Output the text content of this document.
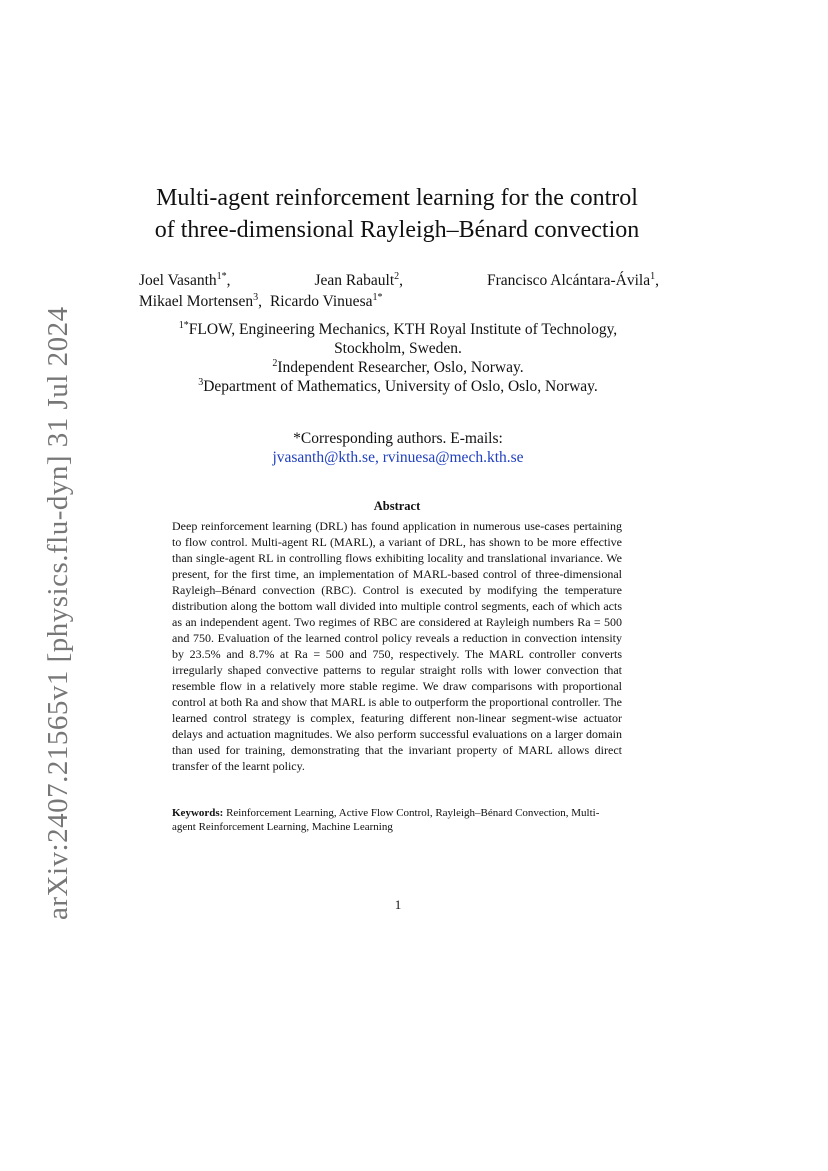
arXiv:2407.21565v1 [physics.flu-dyn] 31 Jul 2024
Multi-agent reinforcement learning for the control
of three-dimensional Rayleigh–Bénard convection
Joel Vasanth$^{1*}$,	Jean Rabault$^2$,	Francisco Alcántara-Ávila$^1$,
Mikael Mortensen$^3$, Ricardo Vinuesa$^{1*}$
$^{1*}$FLOW, Engineering Mechanics, KTH Royal Institute of Technology,
Stockholm, Sweden.
$^2$Independent Researcher, Oslo, Norway.
$^3$Department of Mathematics, University of Oslo, Oslo, Norway.
*Corresponding authors. E-mails:
jvasanth@kth.se, rvinuesa@mech.kth.se
Abstract
Deep reinforcement learning (DRL) has found application in numerous use-cases pertaining to flow control. Multi-agent RL (MARL), a variant of DRL, has shown to be more effective than single-agent RL in controlling flows exhibiting locality and translational invariance. We present, for the first time, an implementation of MARL-based control of three-dimensional Rayleigh–Bénard convection (RBC). Control is executed by modifying the temperature distribution along the bottom wall divided into multiple control segments, each of which acts as an independent agent. Two regimes of RBC are considered at Rayleigh numbers Ra = 500 and 750. Evaluation of the learned control policy reveals a reduction in convection intensity by 23.5% and 8.7% at Ra = 500 and 750, respectively. The MARL controller converts irregularly shaped convective patterns to regular straight rolls with lower convection that resemble flow in a relatively more stable regime. We draw comparisons with proportional control at both Ra and show that MARL is able to outperform the proportional controller. The learned control strategy is complex, featuring different non-linear segment-wise actuator delays and actuation magnitudes. We also perform successful evaluations on a larger domain than used for training, demonstrating that the invariant property of MARL allows direct transfer of the learnt policy.
Keywords: Reinforcement Learning, Active Flow Control, Rayleigh–Bénard Convection, Multi-agent Reinforcement Learning, Machine Learning
1
